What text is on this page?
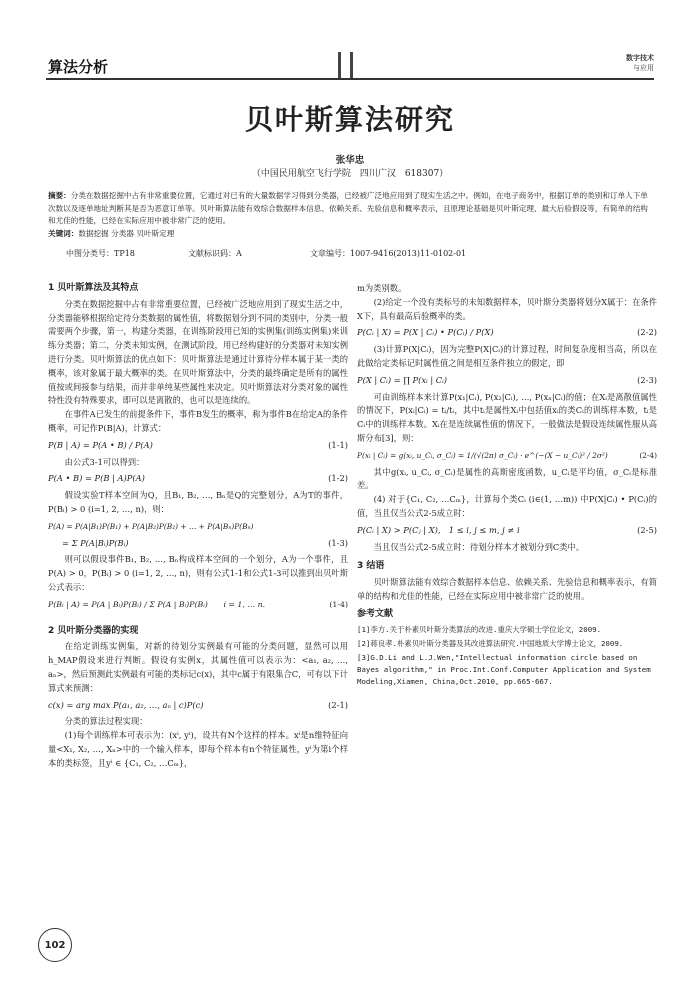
算法分析
数字技术
与应用
贝叶斯算法研究
张华忠
（中国民用航空飞行学院　四川广汉　618307）
摘要：分类在数据挖掘中占有非常重要位置，它通过对已有的大量数据学习得到分类器，已经被广泛地应用到了现实生活之中。例如，在电子商务中，根据订单的类别和订单人下单次数以及逐单地址判断其是否为恶意订单等。贝叶斯算法能有效综合数据样本信息、依赖关系、先验信息和概率表示，且原理论基础是贝叶斯定理、最大后验假设等，有简单的结构和尤佳的性能，已经在实际应用中被非常广泛的使用。
关键词：数据挖掘 分类器 贝叶斯定理
中图分类号：TP18	文献标识码：A	文章编号：1007-9416(2013)11-0102-01
1 贝叶斯算法及其特点

分类在数据挖掘中占有非常重要位置，已经被广泛地应用到了现实生活之中，分类器能够根据给定待分类数据的属性值，将数据划分到不同的类别中，分类一般需要两个步骤，第一，构建分类器，在训练阶段用已知的实例集(训练实例集)来训练分类器；第二，分类未知实例，在测试阶段，用已经构建好的分类器对未知实例进行分类。贝叶斯算法的优点如下：贝叶斯算法是通过计算待分样本属于某一类的概率，该对象属于最大概率的类。在贝叶斯算法中，分类的最终确定是所有的属性值按或间接参与结果，而并非单纯某些属性来决定。贝叶斯算法对分类对象的属性特性没有特殊要求，即可以是离散的，也可以是连续的。

在事件A已发生的前提条件下，事件B发生的概率，称为事件B在给定A的条件概率，可记作P(B|A)，计算式：

P(B | A) = P(A • B) / P(A)	(1-1)

由公式3-1可以得到：

P(A • B) = P(B | A)P(A)	(1-2)

假设实验T样本空间为Q，且B₁, B₂, …, Bₙ是Q的完整划分，A为T的事件，P(Bᵢ) > 0 (i=1, 2, …, n)，则：

P(A) = P(A|B₁)P(B₁) + P(A|B₂)P(B₂) + … + P(A|Bₙ)P(Bₙ)
= Σ P(A|Bᵢ)P(Bᵢ)	(1-3)

则可以假设事件B₁, B₂, …, Bₙ构成样本空间的一个划分，A为一个事件，且P(A) > 0，P(Bᵢ) > 0 (i=1, 2, …, n)，则有公式1-1和公式1-3可以推到出贝叶斯公式表示：

P(Bᵢ | A) = P(A | Bᵢ)P(Bᵢ) / Σ P(A | Bᵢ)P(Bᵢ)　　i = 1, … n.	(1-4)
2 贝叶斯分类器的实现

在给定训练实例集，对新的待划分实例最有可能的分类问题，显然可以用h_MAP假设来进行判断。假设有实例x，其属性值可以表示为：<a₁, a₂, …, aₙ>，然后预测此实例最有可能的类标记c(x)，其中c属于有限集合C，可有以下计算式来预测：

c(x) = arg max P(a₁, a₂, …, aₙ | c)P(c)	(2-1)

分类的算法过程实现：

(1)每个训练样本可表示为：(xⁱ, yⁱ)，设共有N个这样的样本。xⁱ是n维特征向量<X₁, X₂, …, Xₙ>中的一个输入样本，即每个样本有n个特征属性，yⁱ为第i个样本的类标签，且yⁱ ∈ {C₁, C₂, …Cₘ}，

m为类别数。

(2)给定一个没有类标号的未知数据样本，贝叶斯分类器将划分X属于：在条件X下，具有最高后验概率的类。

P(Cᵢ | X) = P(X | Cᵢ) • P(Cᵢ) / P(X)	(2-2)

(3)计算P(X|Cᵢ)，因为完整P(X|Cᵢ)的计算过程，时间复杂度相当高，所以在此做给定类标记时属性值之间是相互条件独立的假定，即

P(X | Cᵢ) = ∏ P(xᵢ | Cᵢ)	(2-3)

可由训练样本来计算P(x₁|Cᵢ), P(x₂|Cᵢ), …, P(xₙ|Cᵢ)的值；在Xᵢ是离散值属性的情况下，P(xᵢ|Cᵢ) = tᵢ/tᵢ，其中tᵢ是属性Xᵢ中包括值xᵢ的类Cᵢ的训练样本数，tᵢ是Cᵢ中的训练样本数。Xᵢ在是连续属性值的情况下，一般做法是假设连续属性服从高斯分布[3]，则：

P(xᵢ | Cᵢ) = g(xᵢ, u_Cᵢ, σ_Cᵢ) = 1/(√(2π) σ_Cᵢ) · e^(−(X − u_Cᵢ)² / 2σ²)	(2-4)

其中g(xᵢ, u_Cᵢ, σ_Cᵢ)是属性的高斯密度函数，u_Cᵢ是平均值，σ_Cᵢ是标准差。

(4) 对于{C₁, C₂, …Cₘ}，计算每个类Cᵢ (i∈(1, …m)) 中P(X|Cᵢ) • P(Cᵢ)的值，当且仅当公式2-5成立时：

P(Cᵢ | X) > P(Cⱼ | X),　1 ≤ i, j ≤ m, j ≠ i	(2-5)

当且仅当公式2-5成立时：待划分样本才被划分到C类中。

3 结语

贝叶斯算法能有效综合数据样本信息、依赖关系、先验信息和概率表示，有简单的结构和尤佳的性能，已经在实际应用中被非常广泛的使用。

参考文献
[1]李方.关于朴素贝叶斯分类算法的改进.重庆大学硕士学位论文，2009.
[2]蒋良孝.朴素贝叶斯分类器及其改进算法研究.中国地质大学博士论文，2009.
[3]G.D.Li and L.J.Wen,"Intellectual information circle based on Bayes algorithm," in Proc.Int.Conf.Computer Application and System Modeling,Xiamen, China,Oct.2010, pp.665-667.
102
